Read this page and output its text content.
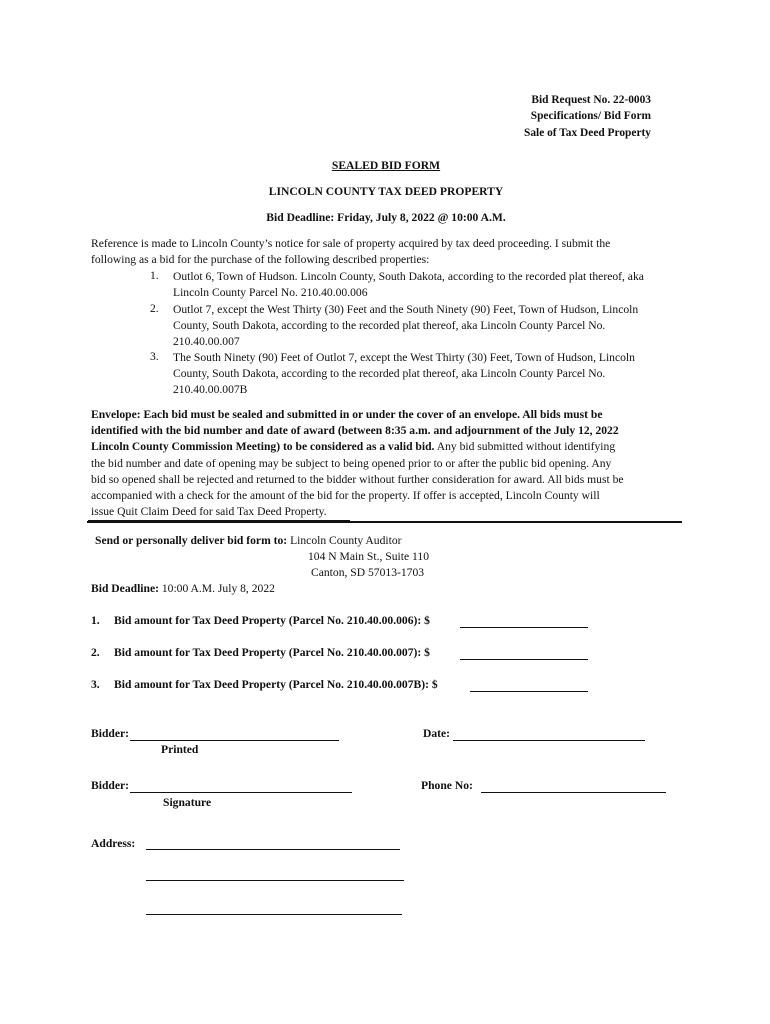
Bid Request No. 22-0003
Specifications/ Bid Form
Sale of Tax Deed Property
SEALED BID FORM
LINCOLN COUNTY TAX DEED PROPERTY
Bid Deadline: Friday, July 8, 2022 @ 10:00 A.M.
Reference is made to Lincoln County’s notice for sale of property acquired by tax deed proceeding. I submit the
following as a bid for the purchase of the following described properties:
1. Outlot 6, Town of Hudson. Lincoln County, South Dakota, according to the recorded plat thereof, aka
Lincoln County Parcel No. 210.40.00.006
2. Outlot 7, except the West Thirty (30) Feet and the South Ninety (90) Feet, Town of Hudson, Lincoln
County, South Dakota, according to the recorded plat thereof, aka Lincoln County Parcel No.
210.40.00.007
3. The South Ninety (90) Feet of Outlot 7, except the West Thirty (30) Feet, Town of Hudson, Lincoln
County, South Dakota, according to the recorded plat thereof, aka Lincoln County Parcel No.
210.40.00.007B
Envelope: Each bid must be sealed and submitted in or under the cover of an envelope. All bids must be
identified with the bid number and date of award (between 8:35 a.m. and adjournment of the July 12, 2022
Lincoln County Commission Meeting) to be considered as a valid bid. Any bid submitted without identifying
the bid number and date of opening may be subject to being opened prior to or after the public bid opening. Any
bid so opened shall be rejected and returned to the bidder without further consideration for award. All bids must be
accompanied with a check for the amount of the bid for the property. If offer is accepted, Lincoln County will
issue Quit Claim Deed for said Tax Deed Property.
Send or personally deliver bid form to: Lincoln County Auditor
104 N Main St., Suite 110
Canton, SD 57013-1703
Bid Deadline: 10:00 A.M. July 8, 2022
1. Bid amount for Tax Deed Property (Parcel No. 210.40.00.006): $
2. Bid amount for Tax Deed Property (Parcel No. 210.40.00.007): $
3. Bid amount for Tax Deed Property (Parcel No. 210.40.00.007B): $
Bidder:
Printed
Date:
Bidder:
Signature
Phone No:
Address:
